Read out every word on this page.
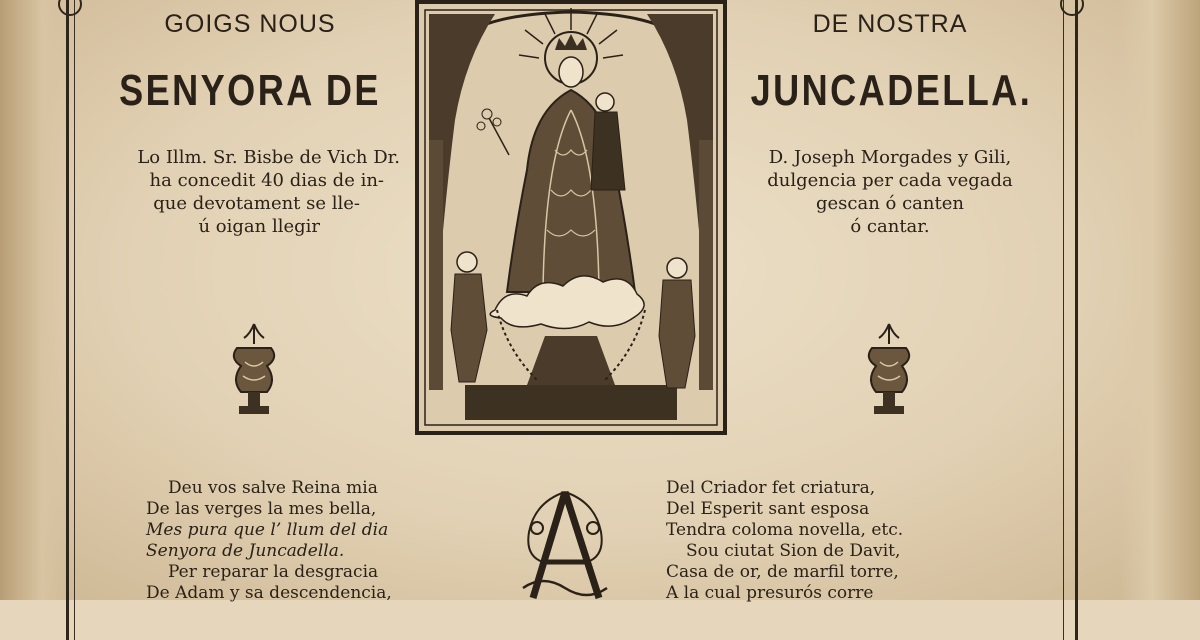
GOIGS NOUS	DE NOSTRA
SENYORA DE	JUNCADELLA.
Lo Illm. Sr. Bisbe de Vich Dr.
ha concedit 40 dias de in-
que devotament se lle-
ú oigan llegir
D. Joseph Morgades y Gili,
dulgencia per cada vegada
gescan ó canten
ó cantar.
Deu vos salve Reina mia
De las verges la mes bella,
Mes pura que l’ llum del dia
Senyora de Juncadella.
Per reparar la desgracia
De Adam y sa descendencia,
Del Criador fet criatura,
Del Esperit sant esposa
Tendra coloma novella, etc.
Sou ciutat Sion de Davit,
Casa de or, de marfil torre,
A la cual presurós corre
